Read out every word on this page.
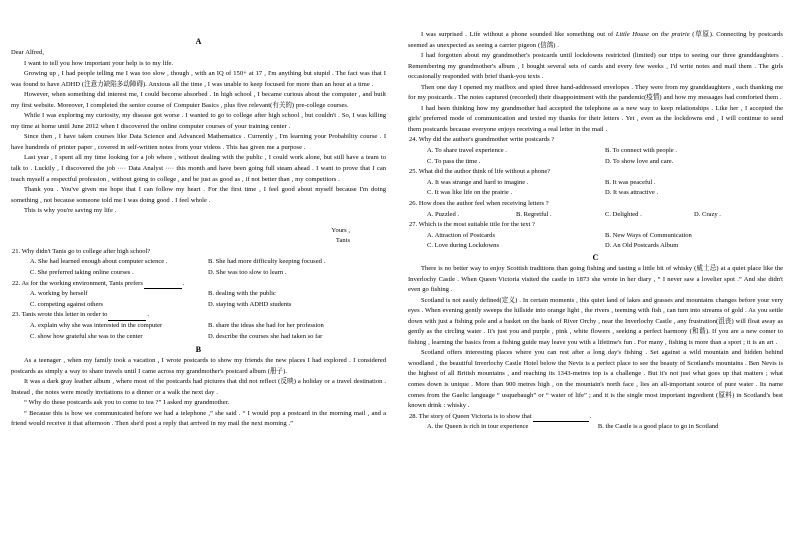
A

Dear Alfred,

I want to tell you how important your help is to my life.

Growing up , I had people telling me I was too slow , though , with an IQ of 150+ at 17 , I'm anything but stupid . The fact was that I was found to have ADHD (注意力缺陷多动障碍). Anxious all the time , I was unable to keep focused for more than an hour at a time .

However, when something did interest me, I could become absorbed . In high school , I became curious about the computer , and built my first website. Moreover, I completed the senior course of Computer Basics , plus five relevant(有关的) pre-college courses.

While I was exploring my curiosity, my disease got worse . I wanted to go to college after high school , but couldn't . So, I was killing my time at home until June 2012 when I discovered the online computer courses of your training center .

Since then , I have taken courses like Data Science and Advanced Mathematics . Currently , I'm learning your Probability course . I have hundreds of printer paper , covered in self-written notes from your videos . This has given me a purpose .

Last year , I spent all my time looking for a job where , without dealing with the public , I could work alone, but still have a team to talk to . Luckily , I discovered the job ···· Data Analyst ···· this month and have been going full steam ahead . I want to prove that I can teach myself a respectful profession , without going to college , and be just as good as , if not better than , my competitors .

Thank you . You've given me hope that I can follow my heart . For the first time , I feel good about myself because I'm doing something , not because someone told me I was doing good . I feel whole .

This is why you're saving my life .

Yours ,

Tanis

21. Why didn't Tanis go to college after high school?

A. She had learned enough about computer science .	B. She had more difficulty keeping focused .
C. She preferred taking online courses .	D. She was too slow to learn .

22. As for the working environment, Tanis prefers	.

A. working by herself	B. dealing with the public
C. competing against others	D. staying with ADHD students

23. Tanis wrote this letter in order to	.

A. explain why she was interested in the computer	B. share the ideas she had for her profession
C. show how grateful she was to the center	D. describe the courses she had taken so far
B

As a teenager , when my family took a vacation , I wrote postcards to show my friends the new places I had explored . I considered postcards as simply a way to share travels until I came across my grandmother's postcard album (册子).

It was a dark gray leather album , where most of the postcards had pictures that did not reflect (反映) a holiday or a travel destination . Instead , the notes were mostly invitations to a dinner or a walk the next day .

“ Why do these postcards ask you to come to tea ?” I asked my grandmother.

“ Because this is how we communicated before we had a telephone ,” she said . “ I would pop a postcard in the morning mail , and a friend would receive it that afternoon . Then she'd post a reply that arrived in my mail the next morning .”

I was surprised . Life without a phone sounded like something out of Little House on the prairie (草原). Connecting by postcards seemed as unexpected as seeing a carrier pigeon (信鸽) .

I had forgotten about my grandmother's postcards until lockdowns restricted (limited) our trips to seeing our three granddaughters . Remembering my grandmother's album , I bought several sets of cards and every few weeks , I'd write notes and mail them . The girls occasionally responded with brief thank-you texts .

Then one day I opened my mailbox and spied three hand-addressed envelopes . They were from my granddaughters , each thanking me for my postcards . The notes captured (recorded) their disappointment with the pandemic(疫情) and how my messages had comforted them .

I had been thinking how my grandmother had accepted the telephone as a new way to keep relationships . Like her , I accepted the girls' preferred mode of communication and texted my thanks for their letters . Yet , even as the lockdowns end , I will continue to send them postcards because everyone enjoys receiving a real letter in the mail .

24. Why did the author's grandmother write postcards ?

A. To share travel experience .	B. To connect with people .
C. To pass the time .	D. To show love and care.

25. What did the author think of life without a phone?

A. It was strange and hard to imagine .	B. It was peaceful .
C. It was like life on the prairie .	D. It was attractive .

26. How does the author feel when receiving letters ?

A. Puzzled .	B. Regretful .	C. Delighted .	D. Crazy .

27. Which is the most suitable title for the text ?

A. Attraction of Postcards	B. New Ways of Communication
C. Love during Lockdowns	D. An Old Postcards Album
C

There is no better way to enjoy Scottish traditions than going fishing and tasting a little bit of whisky (威士忌) at a quiet place like the Inverlochy Castle . When Queen Victoria visited the castle in 1873 she wrote in her diary , “ I never saw a lovelier spot .” And she didn't even go fishing .

Scotland is not easily defined(定义) . In certain moments , this quiet land of lakes and grasses and mountains changes before your very eyes . When evening gently sweeps the hillside into orange light , the rivers , teeming with fish , can turn into streams of gold . As you settle down with just a fishing pole and a basket on the bank of River Orchy , near the Inverlochy Castle , any frustration(沮丧) will float away as gently as the circling water . It's just you and purple , pink , white flowers , seeking a perfect harmony (和谐). If you are a new comer to fishing , learning the basics from a fishing guide may leave you with a lifetime's fun . For many , fishing is more than a sport ; it is an art .

Scotland offers interesting places where you can rest after a long day's fishing . Set against a wild mountain and hidden behind woodland , the beautiful Inverlochy Castle Hotel below the Nevis is a perfect place to see the beauty of Scotland's mountains . Ben Nevis is the highest of all British mountains , and reaching its 1343-metres top is a challenge . But it's not just what goes up that matters ; what comes down is unique . More than 900 metres high , on the mountain's north face , lies an all-important source of pure water . Its name comes from the Gaelic language “ usquebaugh” or “ water of life” ; and it is the single most important ingredient (原料) in Scotland's best known drink : whisky .

28. The story of Queen Victoria is to show that	.

A. the Queen is rich in tour experience	B. the Castle is a good place to go in Scotland
